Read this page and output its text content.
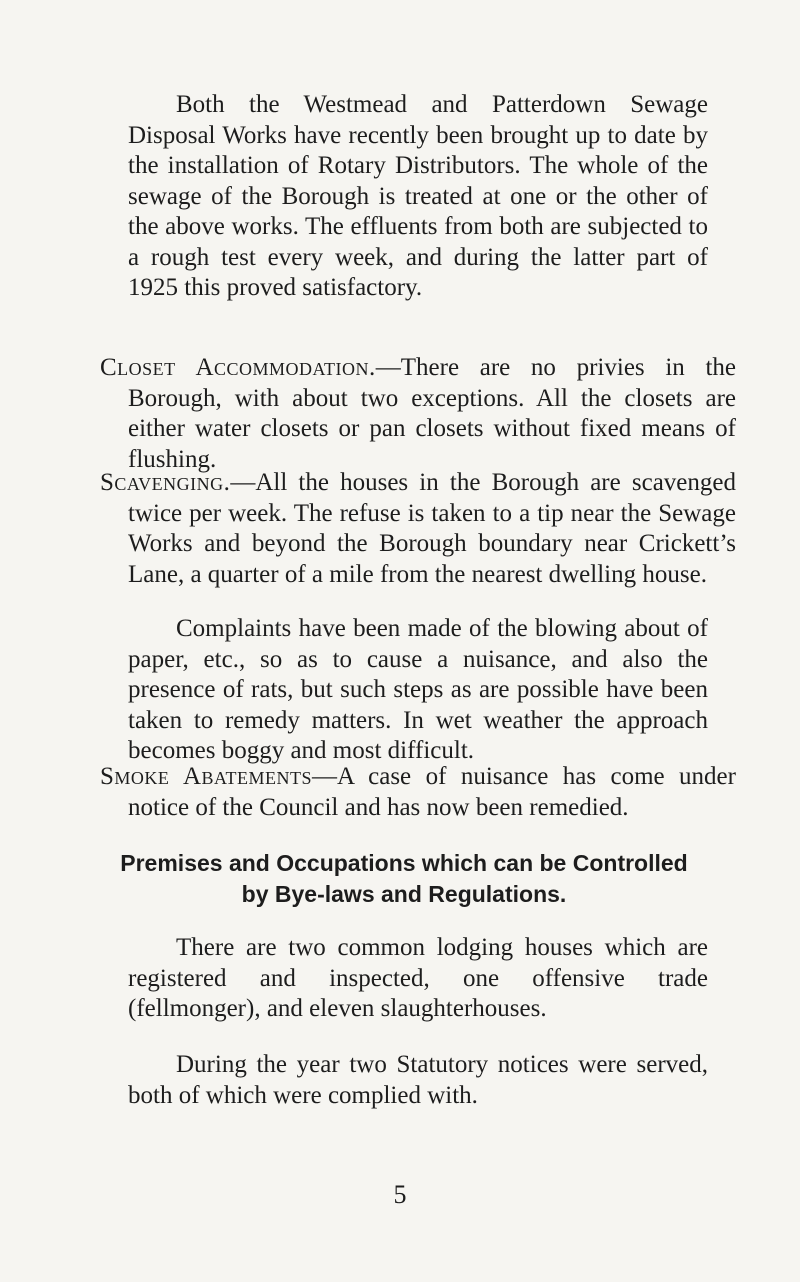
Both the Westmead and Patterdown Sewage Disposal Works have recently been brought up to date by the installation of Rotary Distributors. The whole of the sewage of the Borough is treated at one or the other of the above works. The effluents from both are subjected to a rough test every week, and during the latter part of 1925 this proved satisfactory.

Closet Accommodation.—There are no privies in the Borough, with about two exceptions. All the closets are either water closets or pan closets without fixed means of flushing.

Scavenging.—All the houses in the Borough are scavenged twice per week. The refuse is taken to a tip near the Sewage Works and beyond the Borough boundary near Crickett’s Lane, a quarter of a mile from the nearest dwelling house.

Complaints have been made of the blowing about of paper, etc., so as to cause a nuisance, and also the presence of rats, but such steps as are possible have been taken to remedy matters. In wet weather the approach becomes boggy and most difficult.

Smoke Abatements—A case of nuisance has come under notice of the Council and has now been remedied.

Premises and Occupations which can be Controlled
by Bye-laws and Regulations.

There are two common lodging houses which are registered and inspected, one offensive trade (fellmonger), and eleven slaughterhouses.

During the year two Statutory notices were served, both of which were complied with.

5
